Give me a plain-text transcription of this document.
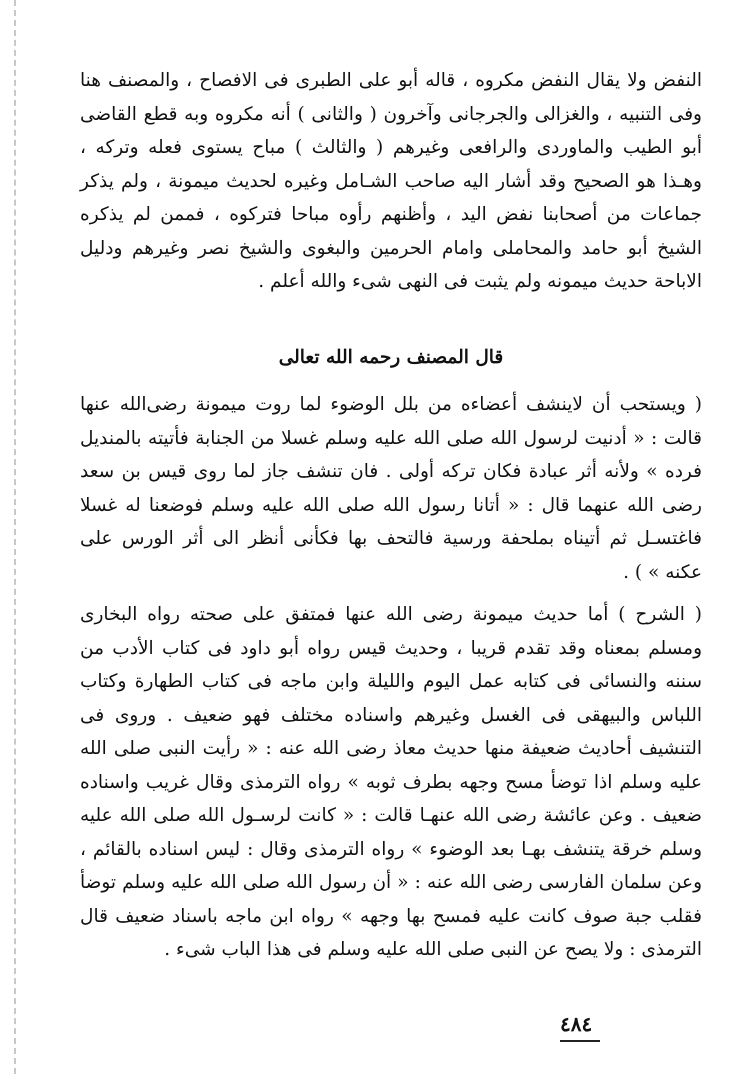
النفض ولا يقال النفض مكروه ، قاله أبو على الطبرى فى الافصاح ، والمصنف هنا وفى التنبيه ، والغزالى والجرجانى وآخرون ( والثانى ) أنه مكروه وبه قطع القاضى أبو الطيب والماوردى والرافعى وغيرهم ( والثالث ) مباح يستوى فعله وتركه ، وهـذا هو الصحيح وقد أشار اليه صاحب الشـامل وغيره لحديث ميمونة ، ولم يذكر جماعات من أصحابنا نفض اليد ، وأظنهم رأوه مباحا فتركوه ، فممن لم يذكره الشيخ أبو حامد والمحاملى وامام الحرمين والبغوى والشيخ نصر وغيرهم ودليل الاباحة حديث ميمونه ولم يثبت فى النهى شىء والله أعلم .

قال المصنف رحمه الله تعالى

( ويستحب أن لاينشف أعضاءه من بلل الوضوء لما روت ميمونة رضى‌الله عنها قالت : « أدنيت لرسول الله صلى الله عليه وسلم غسلا من الجنابة فأتيته بالمنديل فرده » ولأنه أثر عبادة فكان تركه أولى . فان تنشف جاز لما روى قيس بن سعد رضى الله عنهما قال : « أتانا رسول الله صلى الله عليه وسلم فوضعنا له غسلا فاغتسـل ثم أتيناه بملحفة ورسية فالتحف بها فكأنى أنظر الى أثر الورس على عكنه » ) .

( الشرح ) أما حديث ميمونة رضى الله عنها فمتفق على صحته رواه البخارى ومسلم بمعناه وقد تقدم قريبا ، وحديث قيس رواه أبو داود فى كتاب الأدب من سننه والنسائى فى كتابه عمل اليوم والليلة وابن ماجه فى كتاب الطهارة وكتاب اللباس والبيهقى فى الغسل وغيرهم واسناده مختلف فهو ضعيف . وروى فى التنشيف أحاديث ضعيفة منها حديث معاذ رضى الله عنه : « رأيت النبى صلى الله عليه وسلم اذا توضأ مسح وجهه بطرف ثوبه » رواه الترمذى وقال غريب واسناده ضعيف . وعن عائشة رضى الله عنهـا قالت : « كانت لرسـول الله صلى الله عليه وسلم خرقة يتنشف بهـا بعد الوضوء » رواه الترمذى وقال : ليس اسناده بالقائم ، وعن سلمان الفارسى رضى الله عنه : « أن رسول الله صلى الله عليه وسلم توضأ فقلب جبة صوف كانت عليه فمسح بها وجهه » رواه ابن ماجه باسناد ضعيف قال الترمذى : ولا يصح عن النبى صلى الله عليه وسلم فى هذا الباب شىء .

٤٨٤
